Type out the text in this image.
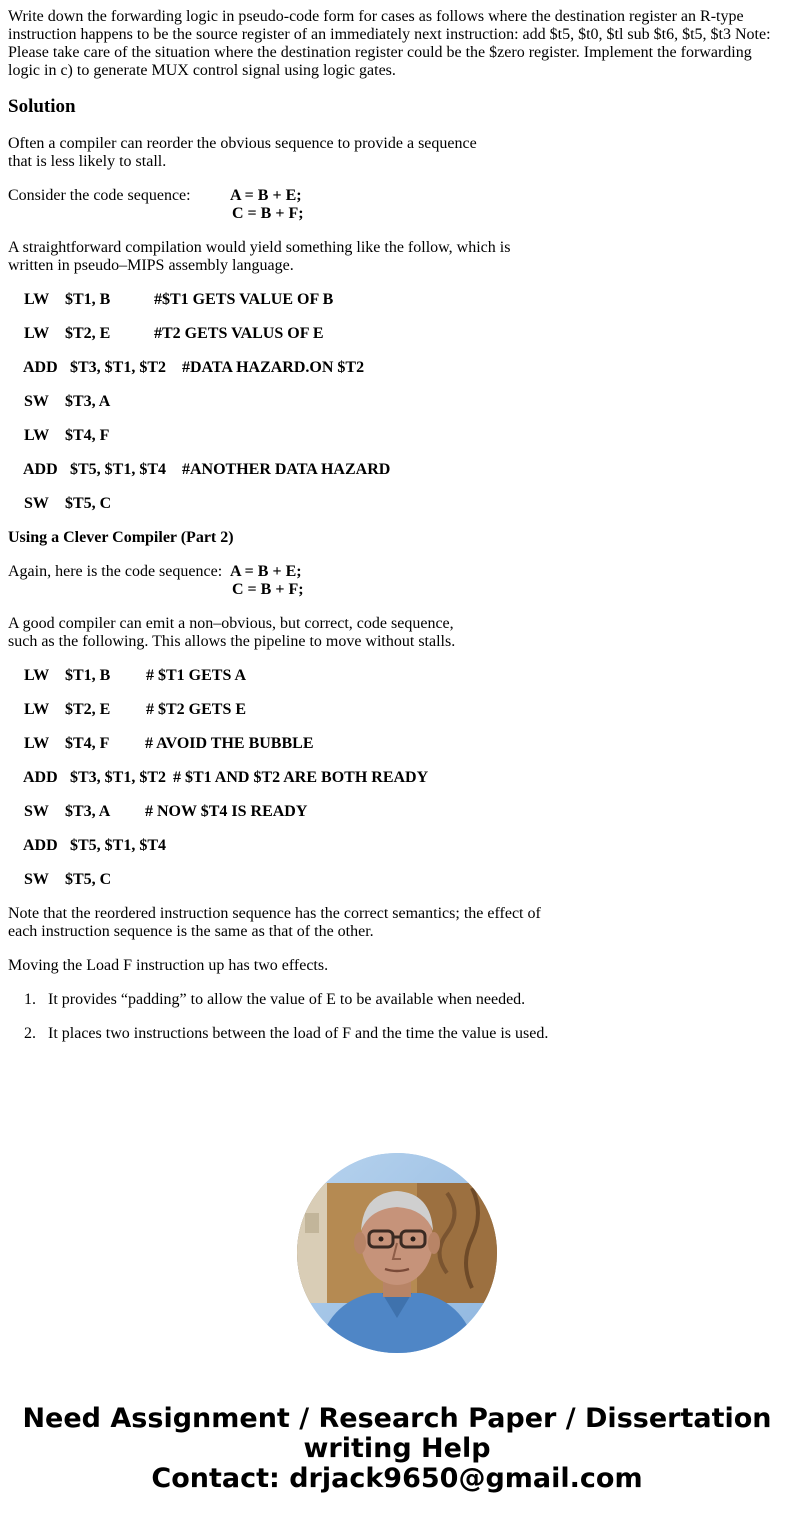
Write down the forwarding logic in pseudo-code form for cases as follows where the destination register an R-type instruction happens to be the source register of an immediately next instruction: add $t5, $t0, $tl sub $t6, $t5, $t3 Note: Please take care of the situation where the destination register could be the $zero register. Implement the forwarding logic in c) to generate MUX control signal using logic gates.

Solution

Often a compiler can reorder the obvious sequence to provide a sequence
that is less likely to stall.

Consider the code sequence: A = B + E;
C = B + F;

A straightforward compilation would yield something like the follow, which is
written in pseudo–MIPS assembly language.

LW

$T1, B

	#$T1 GETS VALUE OF B

LW

$T2, E

	#T2 GETS VALUS OF E

ADD

$T3, $T1, $T2

#DATA HAZARD.ON $T2

SW

$T3, A

LW

$T4, F

ADD

$T5, $T1, $T4

#ANOTHER DATA HAZARD

SW

$T5, C

Using a Clever Compiler (Part 2)

Again, here is the code sequence: A = B + E;
C = B + F;

A good compiler can emit a non–obvious, but correct, code sequence,
such as the following. This allows the pipeline to move without stalls.

LW

$T1, B

# $T1 GETS A

LW

$T2, E

# $T2 GETS E

LW

$T4, F

# AVOID THE BUBBLE

ADD

$T3, $T1, $T2

# $T1 AND $T2 ARE BOTH READY

SW

$T3, A

# NOW $T4 IS READY

ADD

$T5, $T1, $T4

SW

$T5, C

Note that the reordered instruction sequence has the correct semantics; the effect of
each instruction sequence is the same as that of the other.

Moving the Load F instruction up has two effects.

1. It provides “padding” to allow the value of E to be available when needed.
2. It places two instructions between the load of F and the time the value is used.
Need Assignment / Research Paper / Dissertation
writing Help
Contact: drjack9650@gmail.com
